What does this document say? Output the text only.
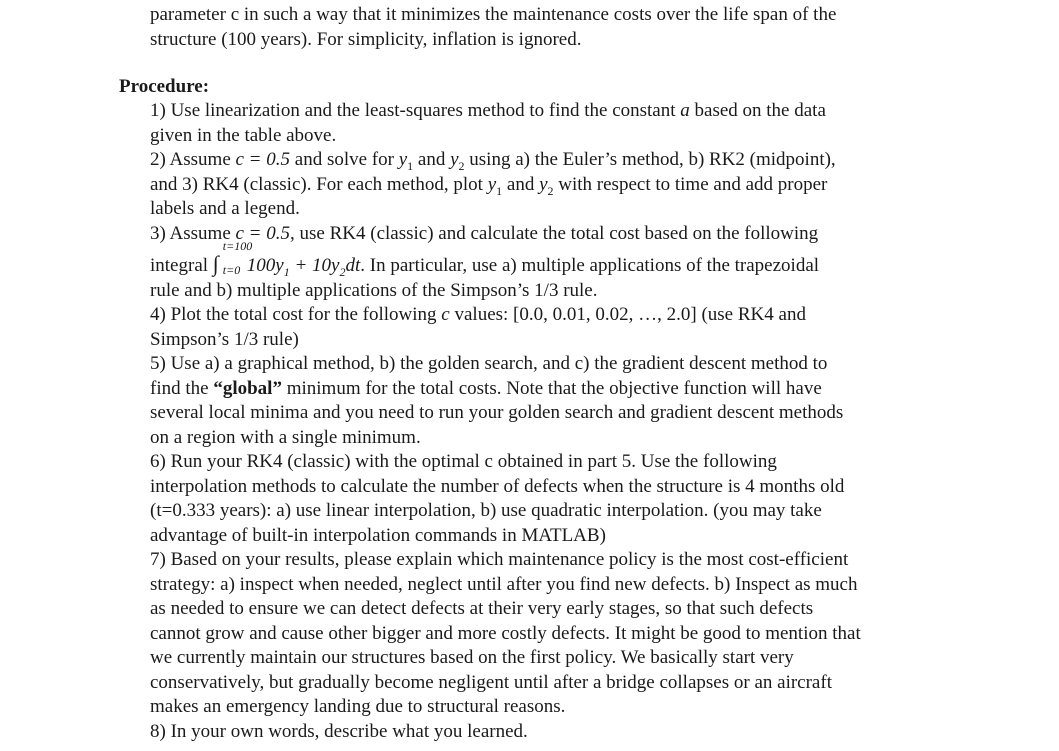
parameter c in such a way that it minimizes the maintenance costs over the life span of the
structure (100 years). For simplicity, inflation is ignored.
Procedure:
1) Use linearization and the least-squares method to find the constant a based on the data
given in the table above.
2) Assume c = 0.5 and solve for $y_1$ and $y_2$ using a) the Euler’s method, b) RK2 (midpoint),
and 3) RK4 (classic). For each method, plot $y_1$ and $y_2$ with respect to time and add proper
labels and a legend.
3) Assume c = 0.5, use RK4 (classic) and calculate the total cost based on the following
integral ∫
t=100
t=0 $100y_1 + 10y_2dt$. In particular, use a) multiple applications of the trapezoidal
rule and b) multiple applications of the Simpson’s 1/3 rule.
4) Plot the total cost for the following c values: [0.0, 0.01, 0.02, …, 2.0] (use RK4 and
Simpson’s 1/3 rule)
5) Use a) a graphical method, b) the golden search, and c) the gradient descent method to
find the “global” minimum for the total costs. Note that the objective function will have
several local minima and you need to run your golden search and gradient descent methods
on a region with a single minimum.
6) Run your RK4 (classic) with the optimal c obtained in part 5. Use the following
interpolation methods to calculate the number of defects when the structure is 4 months old
(t=0.333 years): a) use linear interpolation, b) use quadratic interpolation. (you may take
advantage of built-in interpolation commands in MATLAB)
7) Based on your results, please explain which maintenance policy is the most cost-efficient
strategy: a) inspect when needed, neglect until after you find new defects. b) Inspect as much
as needed to ensure we can detect defects at their very early stages, so that such defects
cannot grow and cause other bigger and more costly defects. It might be good to mention that
we currently maintain our structures based on the first policy. We basically start very
conservatively, but gradually become negligent until after a bridge collapses or an aircraft
makes an emergency landing due to structural reasons.
8) In your own words, describe what you learned.
